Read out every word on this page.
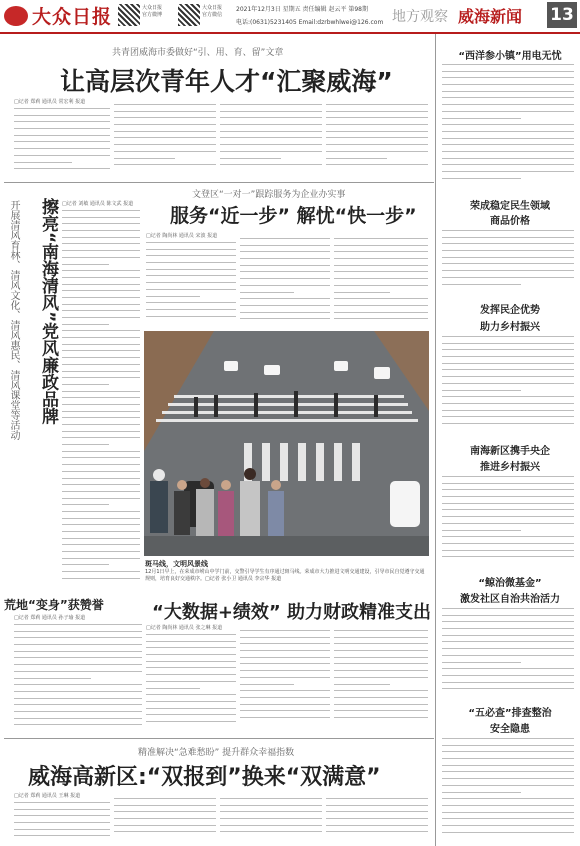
大众日报	大众日报
官方微博
大众日报
官方微信
2021年12月3日 星期五 责任编辑 赵云平 第98期
电话:(0631)5231405 Email:dzrbwhlwei@126.com 地方观察 威海新闻 13
共青团威海市委做好“引、用、育、留”文章
让高层次青年人才“汇聚威海”
□记者 郑莉 通讯员 常宏利 报道
擦亮“南海清风”党风廉政品牌
开展清风育林、清风文化、清风惠民、清风课堂等活动	□记者 刘敏 通讯员 陈文武 报道
文登区“一对一”跟踪服务为企业办实事
服务“近一步” 解忧“快一步”
□记者 陶尚林 通讯员 宋波 报道
斑马线，文明风景线
12月1日早上，在荣成市崂山中学门前，交警引导学生有序通过斑马线。荣成市大力推进文明交通建设，引导市民自觉遵守交通规则，培育良好交通秩序。□记者 张小卫 通讯员 李宗华 报道
荒地“变身”获赞誉
□记者 郑莉 通讯员 孙子瑜 报道	“大数据+绩效” 助力财政精准支出
□记者 陶尚林 通讯员 张之琳 报道
精准解决“急难愁盼” 提升群众幸福指数
威海高新区:“双报到”换来“双满意”
□记者 郑莉 通讯员 王琳 报道
“西洋参小镇”用电无忧
荣成稳定民生领域
商品价格
发挥民企优势
助力乡村振兴
南海新区携手央企
推进乡村振兴
“鲸治微基金”
激发社区自治共治活力
“五必查”排查整治
安全隐患
